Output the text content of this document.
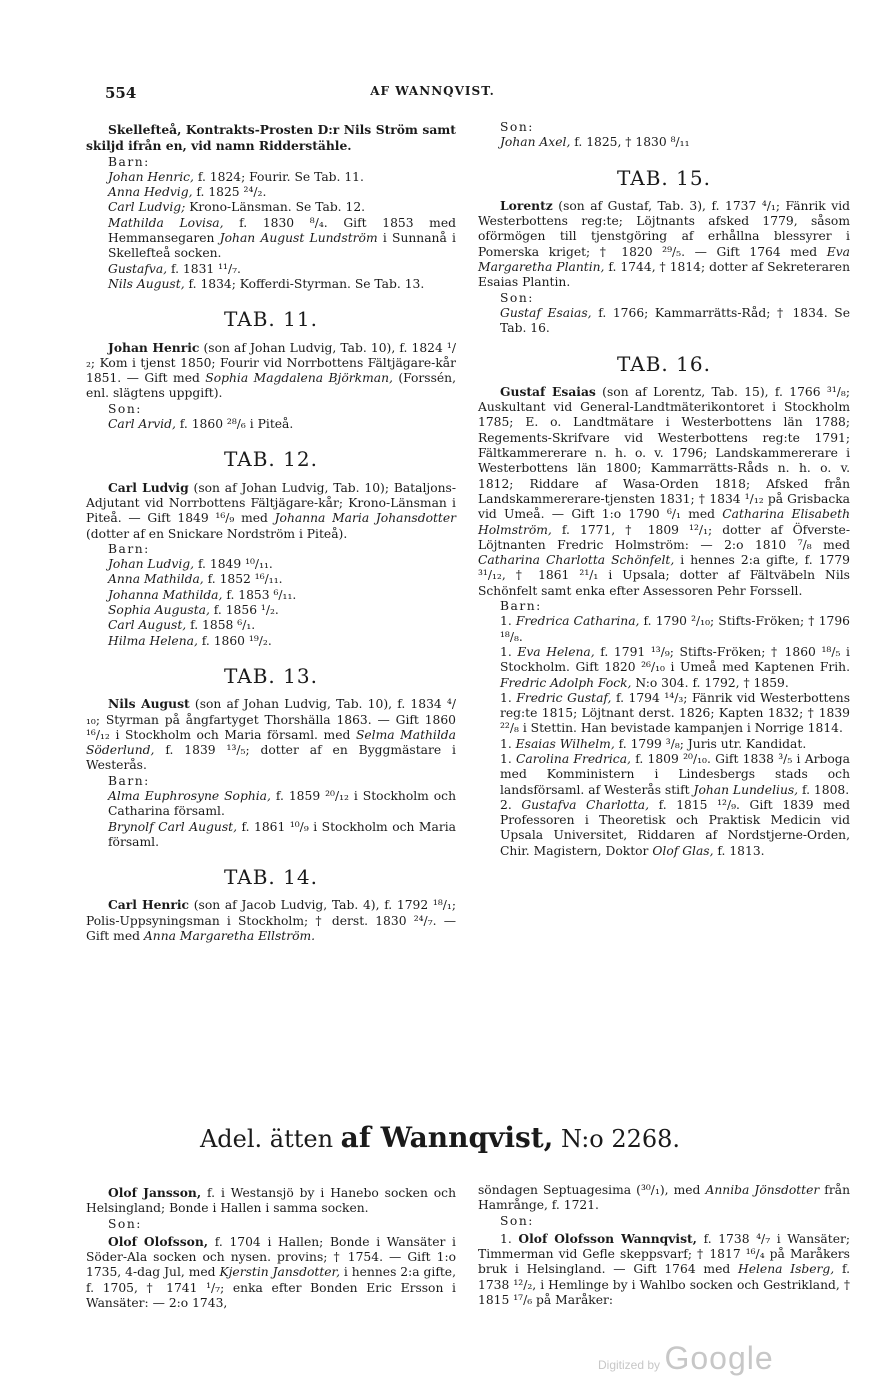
554	AF WANNQVIST.

Skellefteå, Kontrakts-Prosten D:r Nils Ström samt skiljd ifrån en, vid namn Ridderstähle.

Barn:

Johan Henric, f. 1824; Fourir. Se Tab. 11.

Anna Hedvig, f. 1825 ²⁴/₂.

Carl Ludvig; Krono-Länsman. Se Tab. 12.

Mathilda Lovisa, f. 1830 ⁸/₄. Gift 1853 med Hemmansegaren Johan August Lundström i Sunnanå i Skellefteå socken.

Gustafva, f. 1831 ¹¹/₇.

Nils August, f. 1834; Kofferdi-Styrman. Se Tab. 13.

TAB. 11.

Johan Henric (son af Johan Ludvig, Tab. 10), f. 1824 ¹/₂; Kom i tjenst 1850; Fourir vid Norrbottens Fältjägare-kår 1851. — Gift med Sophia Magdalena Björkman, (Forssén, enl. slägtens uppgift).

Son:

Carl Arvid, f. 1860 ²⁸/₆ i Piteå.

TAB. 12.

Carl Ludvig (son af Johan Ludvig, Tab. 10); Bataljons-Adjutant vid Norrbottens Fältjägare-kår; Krono-Länsman i Piteå. — Gift 1849 ¹⁶/₉ med Johanna Maria Johansdotter (dotter af en Snickare Nordström i Piteå).

Barn:

Johan Ludvig, f. 1849 ¹⁰/₁₁.

Anna Mathilda, f. 1852 ¹⁶/₁₁.

Johanna Mathilda, f. 1853 ⁶/₁₁.

Sophia Augusta, f. 1856 ¹/₂.

Carl August, f. 1858 ⁶/₁.

Hilma Helena, f. 1860 ¹⁹/₂.

TAB. 13.

Nils August (son af Johan Ludvig, Tab. 10), f. 1834 ⁴/₁₀; Styrman på ångfartyget Thorshälla 1863. — Gift 1860 ¹⁶/₁₂ i Stockholm och Maria församl. med Selma Mathilda Söderlund, f. 1839 ¹³/₅; dotter af en Byggmästare i Westerås.

Barn:

Alma Euphrosyne Sophia, f. 1859 ²⁰/₁₂ i Stockholm och Catharina församl.

Brynolf Carl August, f. 1861 ¹⁰/₉ i Stockholm och Maria församl.

TAB. 14.

Carl Henric (son af Jacob Ludvig, Tab. 4), f. 1792 ¹⁸/₁; Polis-Uppsyningsman i Stockholm; † derst. 1830 ²⁴/₇. — Gift med Anna Margaretha Ellström.

Son:

Johan Axel, f. 1825, † 1830 ⁸/₁₁

TAB. 15.

Lorentz (son af Gustaf, Tab. 3), f. 1737 ⁴/₁; Fänrik vid Westerbottens reg:te; Löjtnants afsked 1779, såsom oförmögen till tjenstgöring af erhållna blessyrer i Pomerska kriget; † 1820 ²⁹/₅. — Gift 1764 med Eva Margaretha Plantin, f. 1744, † 1814; dotter af Sekreteraren Esaias Plantin.

Son:

Gustaf Esaias, f. 1766; Kammarrätts-Råd; † 1834. Se Tab. 16.

TAB. 16.

Gustaf Esaias (son af Lorentz, Tab. 15), f. 1766 ³¹/₈; Auskultant vid General-Landtmäterikontoret i Stockholm 1785; E. o. Landtmätare i Westerbottens län 1788; Regements-Skrifvare vid Westerbottens reg:te 1791; Fältkammererare n. h. o. v. 1796; Landskammererare i Westerbottens län 1800; Kammarrätts-Råds n. h. o. v. 1812; Riddare af Wasa-Orden 1818; Afsked från Landskammererare-tjensten 1831; † 1834 ¹/₁₂ på Grisbacka vid Umeå. — Gift 1:o 1790 ⁶/₁ med Catharina Elisabeth Holmström, f. 1771, † 1809 ¹²/₁; dotter af Öfverste-Löjtnanten Fredric Holmström: — 2:o 1810 ⁷/₈ med Catharina Charlotta Schönfelt, i hennes 2:a gifte, f. 1779 ³¹/₁₂, † 1861 ²¹/₁ i Upsala; dotter af Fältväbeln Nils Schönfelt samt enka efter Assessoren Pehr Forssell.

Barn:

1. Fredrica Catharina, f. 1790 ²/₁₀; Stifts-Fröken; † 1796 ¹⁸/₈.

1. Eva Helena, f. 1791 ¹³/₉; Stifts-Fröken; † 1860 ¹⁸/₅ i Stockholm. Gift 1820 ²⁶/₁₀ i Umeå med Kaptenen Frih. Fredric Adolph Fock, N:o 304. f. 1792, † 1859.

1. Fredric Gustaf, f. 1794 ¹⁴/₃; Fänrik vid Westerbottens reg:te 1815; Löjtnant derst. 1826; Kapten 1832; † 1839 ²²/₈ i Stettin. Han bevistade kampanjen i Norrige 1814.

1. Esaias Wilhelm, f. 1799 ³/₈; Juris utr. Kandidat.

1. Carolina Fredrica, f. 1809 ²⁰/₁₀. Gift 1838 ³/₅ i Arboga med Komministern i Lindesbergs stads och landsförsaml. af Westerås stift Johan Lundelius, f. 1808.

2. Gustafva Charlotta, f. 1815 ¹²/₉. Gift 1839 med Professoren i Theoretisk och Praktisk Medicin vid Upsala Universitet, Riddaren af Nordstjerne-Orden, Chir. Magistern, Doktor Olof Glas, f. 1813.

Adel. ätten af Wannqvist, N:o 2268.

Olof Jansson, f. i Westansjö by i Hanebo socken och Helsingland; Bonde i Hallen i samma socken.

Son:

Olof Olofsson, f. 1704 i Hallen; Bonde i Wansäter i Söder-Ala socken och nysen. provins; † 1754. — Gift 1:o 1735, 4-dag Jul, med Kjerstin Jansdotter, i hennes 2:a gifte, f. 1705, † 1741 ¹/₇; enka efter Bonden Eric Ersson i Wansäter: — 2:o 1743,

söndagen Septuagesima (³⁰/₁), med Anniba Jönsdotter från Hamrånge, f. 1721.

Son:

1. Olof Olofsson Wannqvist, f. 1738 ⁴/₇ i Wansäter; Timmerman vid Gefle skeppsvarf; † 1817 ¹⁶/₄ på Maråkers bruk i Helsingland. — Gift 1764 med Helena Isberg, f. 1738 ¹²/₂, i Hemlinge by i Wahlbo socken och Gestrikland, † 1815 ¹⁷/₆ på Maråker:

Digitized by Google
